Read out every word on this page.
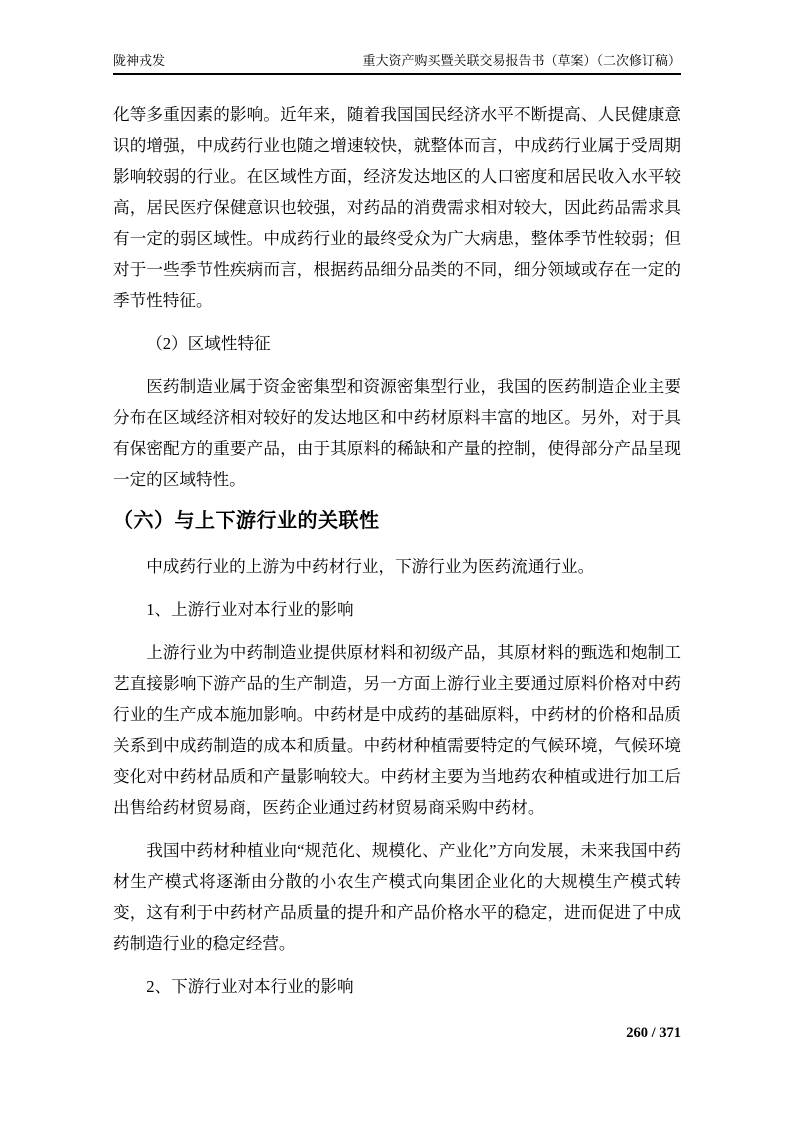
陇神戎发	重大资产购买暨关联交易报告书（草案）（二次修订稿）

化等多重因素的影响。近年来，随着我国国民经济水平不断提高、人民健康意识的增强，中成药行业也随之增速较快，就整体而言，中成药行业属于受周期影响较弱的行业。在区域性方面，经济发达地区的人口密度和居民收入水平较高，居民医疗保健意识也较强，对药品的消费需求相对较大，因此药品需求具有一定的弱区域性。中成药行业的最终受众为广大病患，整体季节性较弱；但对于一些季节性疾病而言，根据药品细分品类的不同，细分领域或存在一定的季节性特征。

（2）区域性特征

医药制造业属于资金密集型和资源密集型行业，我国的医药制造企业主要分布在区域经济相对较好的发达地区和中药材原料丰富的地区。另外，对于具有保密配方的重要产品，由于其原料的稀缺和产量的控制，使得部分产品呈现一定的区域特性。

（六）与上下游行业的关联性

中成药行业的上游为中药材行业，下游行业为医药流通行业。

1、上游行业对本行业的影响

上游行业为中药制造业提供原材料和初级产品，其原材料的甄选和炮制工艺直接影响下游产品的生产制造，另一方面上游行业主要通过原料价格对中药行业的生产成本施加影响。中药材是中成药的基础原料，中药材的价格和品质关系到中成药制造的成本和质量。中药材种植需要特定的气候环境，气候环境变化对中药材品质和产量影响较大。中药材主要为当地药农种植或进行加工后出售给药材贸易商，医药企业通过药材贸易商采购中药材。

我国中药材种植业向“规范化、规模化、产业化”方向发展，未来我国中药材生产模式将逐渐由分散的小农生产模式向集团企业化的大规模生产模式转变，这有利于中药材产品质量的提升和产品价格水平的稳定，进而促进了中成药制造行业的稳定经营。

2、下游行业对本行业的影响

260 / 371
